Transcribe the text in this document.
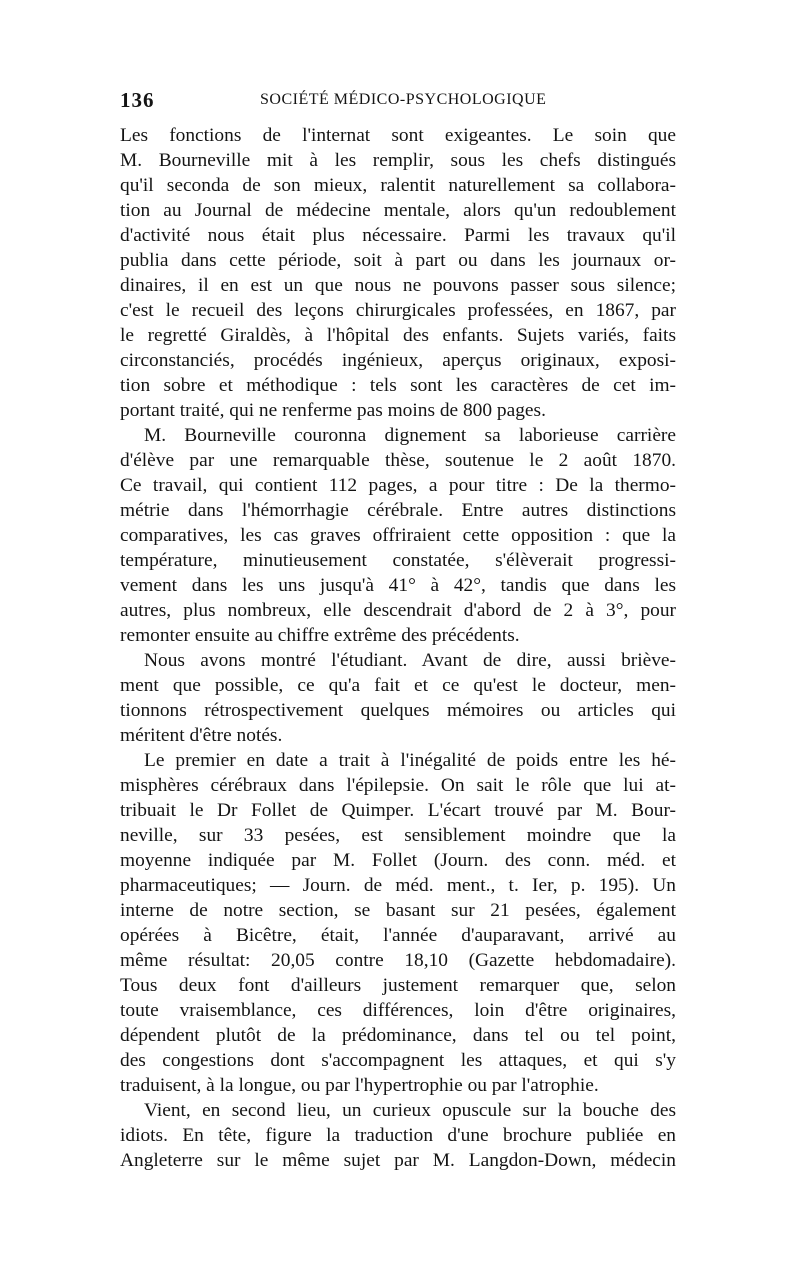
136	SOCIÉTÉ MÉDICO-PSYCHOLOGIQUE
Les fonctions de l'internat sont exigeantes. Le soin que
M. Bourneville mit à les remplir, sous les chefs distingués
qu'il seconda de son mieux, ralentit naturellement sa collabora-
tion au Journal de médecine mentale, alors qu'un redoublement
d'activité nous était plus nécessaire. Parmi les travaux qu'il
publia dans cette période, soit à part ou dans les journaux or-
dinaires, il en est un que nous ne pouvons passer sous silence;
c'est le recueil des leçons chirurgicales professées, en 1867, par
le regretté Giraldès, à l'hôpital des enfants. Sujets variés, faits
circonstanciés, procédés ingénieux, aperçus originaux, exposi-
tion sobre et méthodique : tels sont les caractères de cet im-
portant traité, qui ne renferme pas moins de 800 pages.
M. Bourneville couronna dignement sa laborieuse carrière
d'élève par une remarquable thèse, soutenue le 2 août 1870.
Ce travail, qui contient 112 pages, a pour titre : De la thermo-
métrie dans l'hémorrhagie cérébrale. Entre autres distinctions
comparatives, les cas graves offriraient cette opposition : que la
température, minutieusement constatée, s'élèverait progressi-
vement dans les uns jusqu'à 41° à 42°, tandis que dans les
autres, plus nombreux, elle descendrait d'abord de 2 à 3°, pour
remonter ensuite au chiffre extrême des précédents.
Nous avons montré l'étudiant. Avant de dire, aussi briève-
ment que possible, ce qu'a fait et ce qu'est le docteur, men-
tionnons rétrospectivement quelques mémoires ou articles qui
méritent d'être notés.
Le premier en date a trait à l'inégalité de poids entre les hé-
misphères cérébraux dans l'épilepsie. On sait le rôle que lui at-
tribuait le Dr Follet de Quimper. L'écart trouvé par M. Bour-
neville, sur 33 pesées, est sensiblement moindre que la
moyenne indiquée par M. Follet (Journ. des conn. méd. et
pharmaceutiques; — Journ. de méd. ment., t. Ier, p. 195). Un
interne de notre section, se basant sur 21 pesées, également
opérées à Bicêtre, était, l'année d'auparavant, arrivé au
même résultat: 20,05 contre 18,10 (Gazette hebdomadaire).
Tous deux font d'ailleurs justement remarquer que, selon
toute vraisemblance, ces différences, loin d'être originaires,
dépendent plutôt de la prédominance, dans tel ou tel point,
des congestions dont s'accompagnent les attaques, et qui s'y
traduisent, à la longue, ou par l'hypertrophie ou par l'atrophie.
Vient, en second lieu, un curieux opuscule sur la bouche des
idiots. En tête, figure la traduction d'une brochure publiée en
Angleterre sur le même sujet par M. Langdon-Down, médecin
